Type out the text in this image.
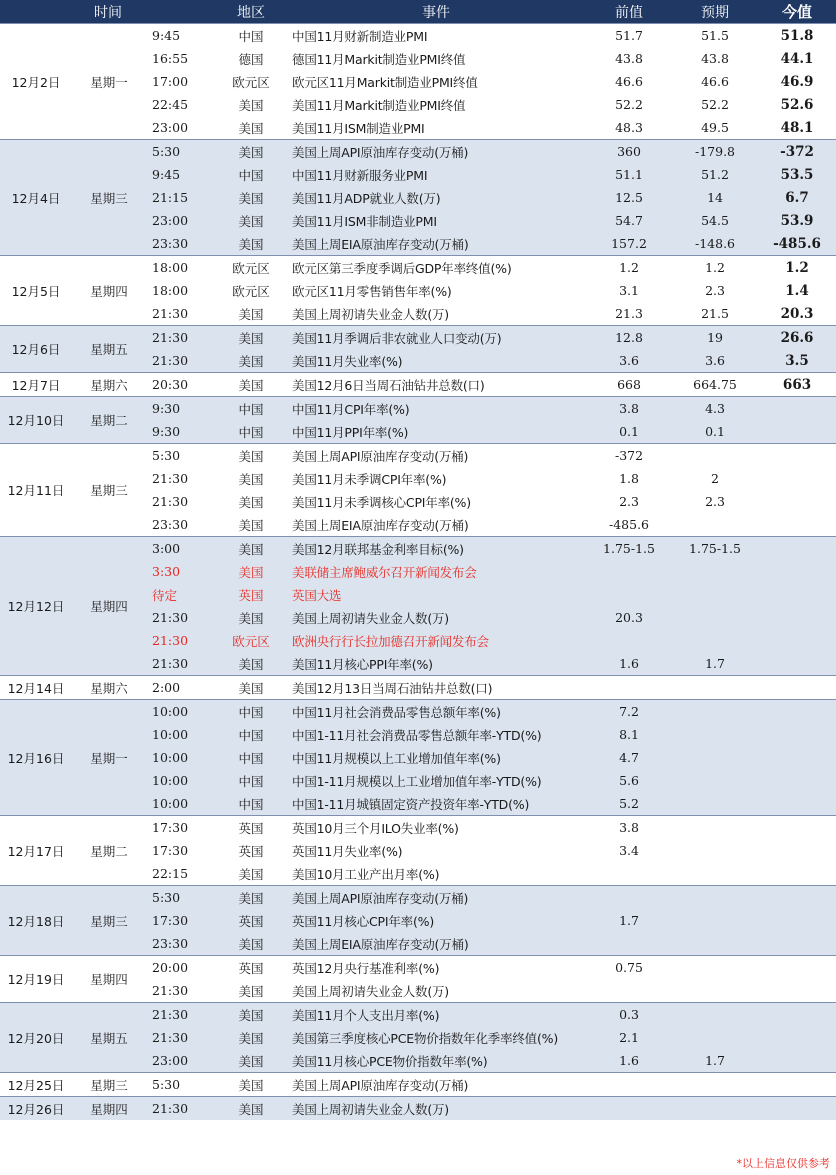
时间			地区	事件	前值	预期	今值
12月2日	星期一	9:45	中国	中国11月财新制造业PMI	51.7	51.5	51.8
		16:55	德国	德国11月Markit制造业PMI终值	43.8	43.8	44.1
		17:00	欧元区	欧元区11月Markit制造业PMI终值	46.6	46.6	46.9
		22:45	美国	美国11月Markit制造业PMI终值	52.2	52.2	52.6
		23:00	美国	美国11月ISM制造业PMI	48.3	49.5	48.1
12月4日	星期三	5:30	美国	美国上周API原油库存变动(万桶)	360	-179.8	-372
		9:45	中国	中国11月财新服务业PMI	51.1	51.2	53.5
		21:15	美国	美国11月ADP就业人数(万)	12.5	14	6.7
		23:00	美国	美国11月ISM非制造业PMI	54.7	54.5	53.9
		23:30	美国	美国上周EIA原油库存变动(万桶)	157.2	-148.6	-485.6
12月5日	星期四	18:00	欧元区	欧元区第三季度季调后GDP年率终值(%)	1.2	1.2	1.2
		18:00	欧元区	欧元区11月零售销售年率(%)	3.1	2.3	1.4
		21:30	美国	美国上周初请失业金人数(万)	21.3	21.5	20.3
12月6日	星期五	21:30	美国	美国11月季调后非农就业人口变动(万)	12.8	19	26.6
		21:30	美国	美国11月失业率(%)	3.6	3.6	3.5
12月7日	星期六	20:30	美国	美国12月6日当周石油钻井总数(口)	668	664.75	663
12月10日	星期二	9:30	中国	中国11月CPI年率(%)	3.8	4.3	
		9:30	中国	中国11月PPI年率(%)	0.1	0.1	
12月11日	星期三	5:30	美国	美国上周API原油库存变动(万桶)	-372		
		21:30	美国	美国11月未季调CPI年率(%)	1.8	2	
		21:30	美国	美国11月未季调核心CPI年率(%)	2.3	2.3	
		23:30	美国	美国上周EIA原油库存变动(万桶)	-485.6		
12月12日	星期四	3:00	美国	美国12月联邦基金利率目标(%)	1.75-1.5	1.75-1.5	
		3:30	美国	美联储主席鲍威尔召开新闻发布会			
		待定	英国	英国大选			
		21:30	美国	美国上周初请失业金人数(万)	20.3		
		21:30	欧元区	欧洲央行行长拉加德召开新闻发布会			
		21:30	美国	美国11月核心PPI年率(%)	1.6	1.7	
12月14日	星期六	2:00	美国	美国12月13日当周石油钻井总数(口)			
12月16日	星期一	10:00	中国	中国11月社会消费品零售总额年率(%)	7.2		
		10:00	中国	中国1-11月社会消费品零售总额年率-YTD(%)	8.1		
		10:00	中国	中国11月规模以上工业增加值年率(%)	4.7		
		10:00	中国	中国1-11月规模以上工业增加值年率-YTD(%)	5.6		
		10:00	中国	中国1-11月城镇固定资产投资年率-YTD(%)	5.2		
12月17日	星期二	17:30	英国	英国10月三个月ILO失业率(%)	3.8		
		17:30	英国	英国11月失业率(%)	3.4		
		22:15	美国	美国10月工业产出月率(%)			
12月18日	星期三	5:30	美国	美国上周API原油库存变动(万桶)			
		17:30	英国	英国11月核心CPI年率(%)	1.7		
		23:30	美国	美国上周EIA原油库存变动(万桶)			
12月19日	星期四	20:00	英国	英国12月央行基准利率(%)	0.75		
		21:30	美国	美国上周初请失业金人数(万)			
12月20日	星期五	21:30	美国	美国11月个人支出月率(%)	0.3		
		21:30	美国	美国第三季度核心PCE物价指数年化季率终值(%)	2.1		
		23:00	美国	美国11月核心PCE物价指数年率(%)	1.6	1.7	
12月25日	星期三	5:30	美国	美国上周API原油库存变动(万桶)			
12月26日	星期四	21:30	美国	美国上周初请失业金人数(万)			
*以上信息仅供参考
